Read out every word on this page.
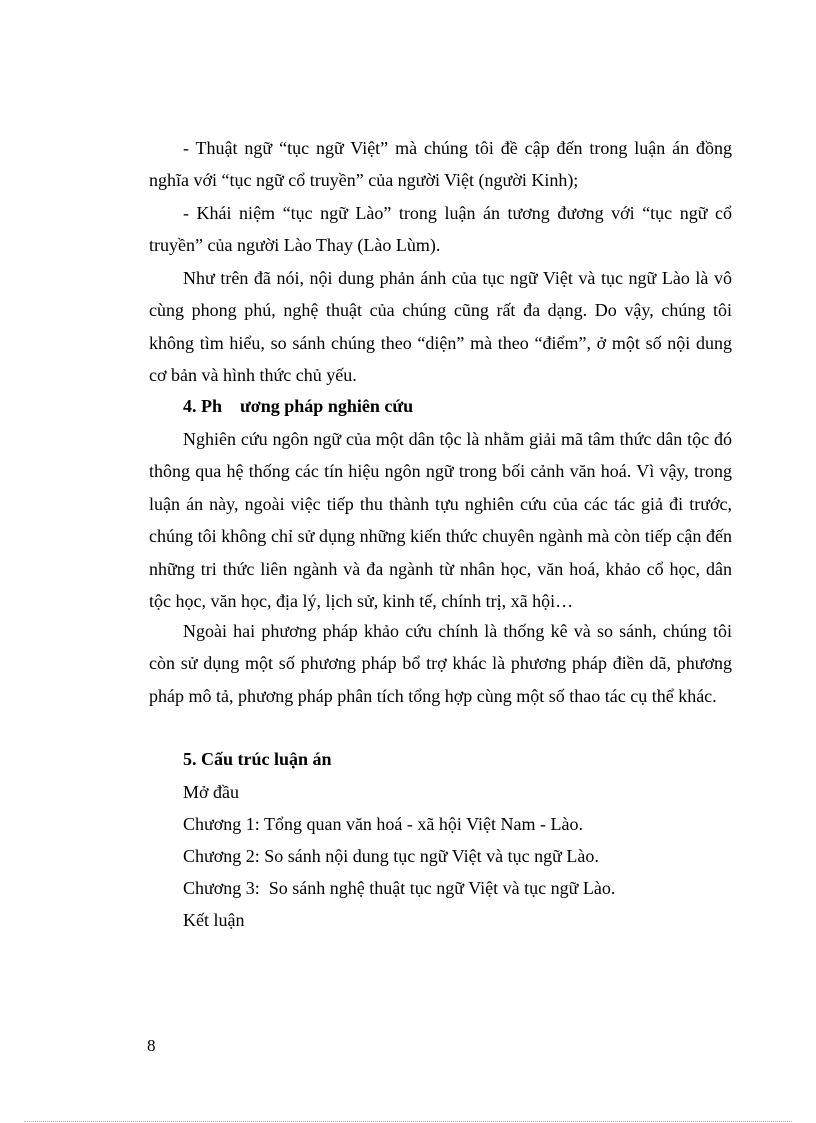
- Thuật ngữ “tục ngữ Việt” mà chúng tôi đề cập đến trong luận án đồng nghĩa với “tục ngữ cổ truyền” của người Việt (người Kinh);

- Khái niệm “tục ngữ Lào” trong luận án tương đương với “tục ngữ cổ truyền” của người Lào Thay (Lào Lùm).

Như trên đã nói, nội dung phản ánh của tục ngữ Việt và tục ngữ Lào là vô cùng phong phú, nghệ thuật của chúng cũng rất đa dạng. Do vậy, chúng tôi không tìm hiểu, so sánh chúng theo “diện” mà theo “điểm”, ở một số nội dung cơ bản và hình thức chủ yếu.

4. Ph    ương pháp nghiên cứu

Nghiên cứu ngôn ngữ của một dân tộc là nhằm giải mã tâm thức dân tộc đó thông qua hệ thống các tín hiệu ngôn ngữ trong bối cảnh văn hoá. Vì vậy, trong luận án này, ngoài việc tiếp thu thành tựu nghiên cứu của các tác giả đi trước, chúng tôi không chỉ sử dụng những kiến thức chuyên ngành mà còn tiếp cận đến những tri thức liên ngành và đa ngành từ nhân học, văn hoá, khảo cổ học, dân tộc học, văn học, địa lý, lịch sử, kinh tế, chính trị, xã hội…

Ngoài hai phương pháp khảo cứu chính là thống kê và so sánh, chúng tôi còn sử dụng một số phương pháp bổ trợ khác là phương pháp điền dã, phương pháp mô tả, phương pháp phân tích tổng hợp cùng một số thao tác cụ thể khác.

5. Cấu trúc luận án

Mở đầu

Chương 1: Tổng quan văn hoá - xã hội Việt Nam - Lào.

Chương 2: So sánh nội dung tục ngữ Việt và tục ngữ Lào.

Chương 3:  So sánh nghệ thuật tục ngữ Việt và tục ngữ Lào.

Kết luận

8
